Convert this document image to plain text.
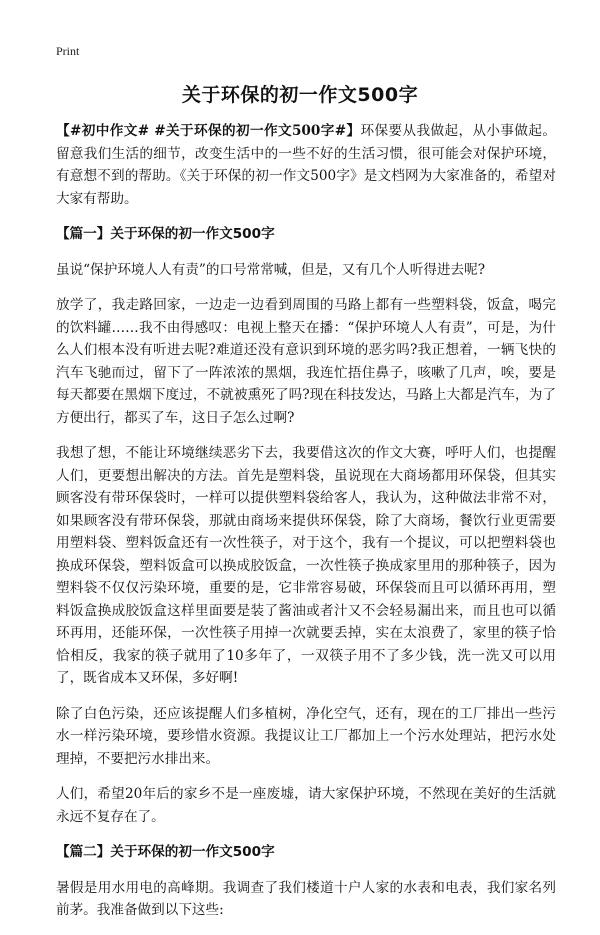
Print
关于环保的初一作文500字

【#初中作文# #关于环保的初一作文500字#】环保要从我做起，从小事做起。留意我们生活的细节，改变生活中的一些不好的生活习惯，很可能会对保护环境，有意想不到的帮助。《关于环保的初一作文500字》是文档网为大家准备的，希望对大家有帮助。

【篇一】关于环保的初一作文500字

虽说“保护环境人人有责”的口号常常喊，但是，又有几个人听得进去呢?

放学了，我走路回家，一边走一边看到周围的马路上都有一些塑料袋，饭盒，喝完的饮料罐……我不由得感叹：电视上整天在播：“保护环境人人有责”，可是，为什么人们根本没有听进去呢?难道还没有意识到环境的恶劣吗?我正想着，一辆飞快的汽车飞驰而过，留下了一阵浓浓的黑烟，我连忙捂住鼻子，咳嗽了几声，唉，要是每天都要在黑烟下度过，不就被熏死了吗?现在科技发达，马路上大都是汽车，为了方便出行，都买了车，这日子怎么过啊?

我想了想，不能让环境继续恶劣下去，我要借这次的作文大赛，呼吁人们，也提醒人们，更要想出解决的方法。首先是塑料袋，虽说现在大商场都用环保袋，但其实顾客没有带环保袋时，一样可以提供塑料袋给客人，我认为，这种做法非常不对，如果顾客没有带环保袋，那就由商场来提供环保袋，除了大商场，餐饮行业更需要用塑料袋、塑料饭盒还有一次性筷子，对于这个，我有一个提议，可以把塑料袋也换成环保袋，塑料饭盒可以换成胶饭盒，一次性筷子换成家里用的那种筷子，因为塑料袋不仅仅污染环境，重要的是，它非常容易破，环保袋而且可以循环再用，塑料饭盒换成胶饭盒这样里面要是装了酱油或者汁又不会轻易漏出来，而且也可以循环再用，还能环保，一次性筷子用掉一次就要丢掉，实在太浪费了，家里的筷子恰恰相反，我家的筷子就用了10多年了，一双筷子用不了多少钱，洗一洗又可以用了，既省成本又环保，多好啊!

除了白色污染，还应该提醒人们多植树，净化空气，还有，现在的工厂排出一些污水一样污染环境，要珍惜水资源。我提议让工厂都加上一个污水处理站，把污水处理掉，不要把污水排出来。

人们，希望20年后的家乡不是一座废墟，请大家保护环境，不然现在美好的生活就永远不复存在了。

【篇二】关于环保的初一作文500字

暑假是用水用电的高峰期。我调查了我们楼道十户人家的水表和电表，我们家名列前茅。我准备做到以下这些:
